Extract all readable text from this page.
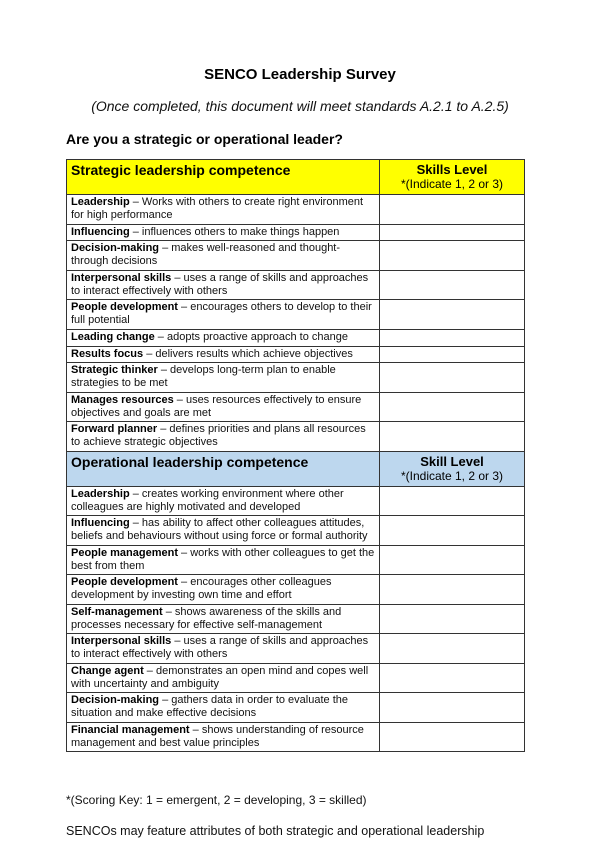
SENCO Leadership Survey

(Once completed, this document will meet standards A.2.1 to A.2.5)

Are you a strategic or operational leader?

Strategic leadership competence	Skills Level
*(Indicate 1, 2 or 3)

Leadership – Works with others to create right environment for high performance	
Influencing – influences others to make things happen	
Decision-making – makes well-reasoned and thought-through decisions	
Interpersonal skills – uses a range of skills and approaches to interact effectively with others	
People development – encourages others to develop to their full potential	
Leading change – adopts proactive approach to change	
Results focus – delivers results which achieve objectives	
Strategic thinker – develops long-term plan to enable strategies to be met	
Manages resources – uses resources effectively to ensure objectives and goals are met	
Forward planner – defines priorities and plans all resources to achieve strategic objectives	
Operational leadership competence	Skill Level
*(Indicate 1, 2 or 3)

Leadership – creates working environment where other colleagues are highly motivated and developed	
Influencing – has ability to affect other colleagues attitudes, beliefs and behaviours without using force or formal authority	
People management – works with other colleagues to get the best from them	
People development – encourages other colleagues development by investing own time and effort	
Self-management – shows awareness of the skills and processes necessary for effective self-management	
Interpersonal skills – uses a range of skills and approaches to interact effectively with others	
Change agent – demonstrates an open mind and copes well with uncertainty and ambiguity	
Decision-making – gathers data in order to evaluate the situation and make effective decisions	
Financial management – shows understanding of resource management and best value principles	

*(Scoring Key: 1 = emergent, 2 = developing, 3 = skilled)

SENCOs may feature attributes of both strategic and operational leadership
